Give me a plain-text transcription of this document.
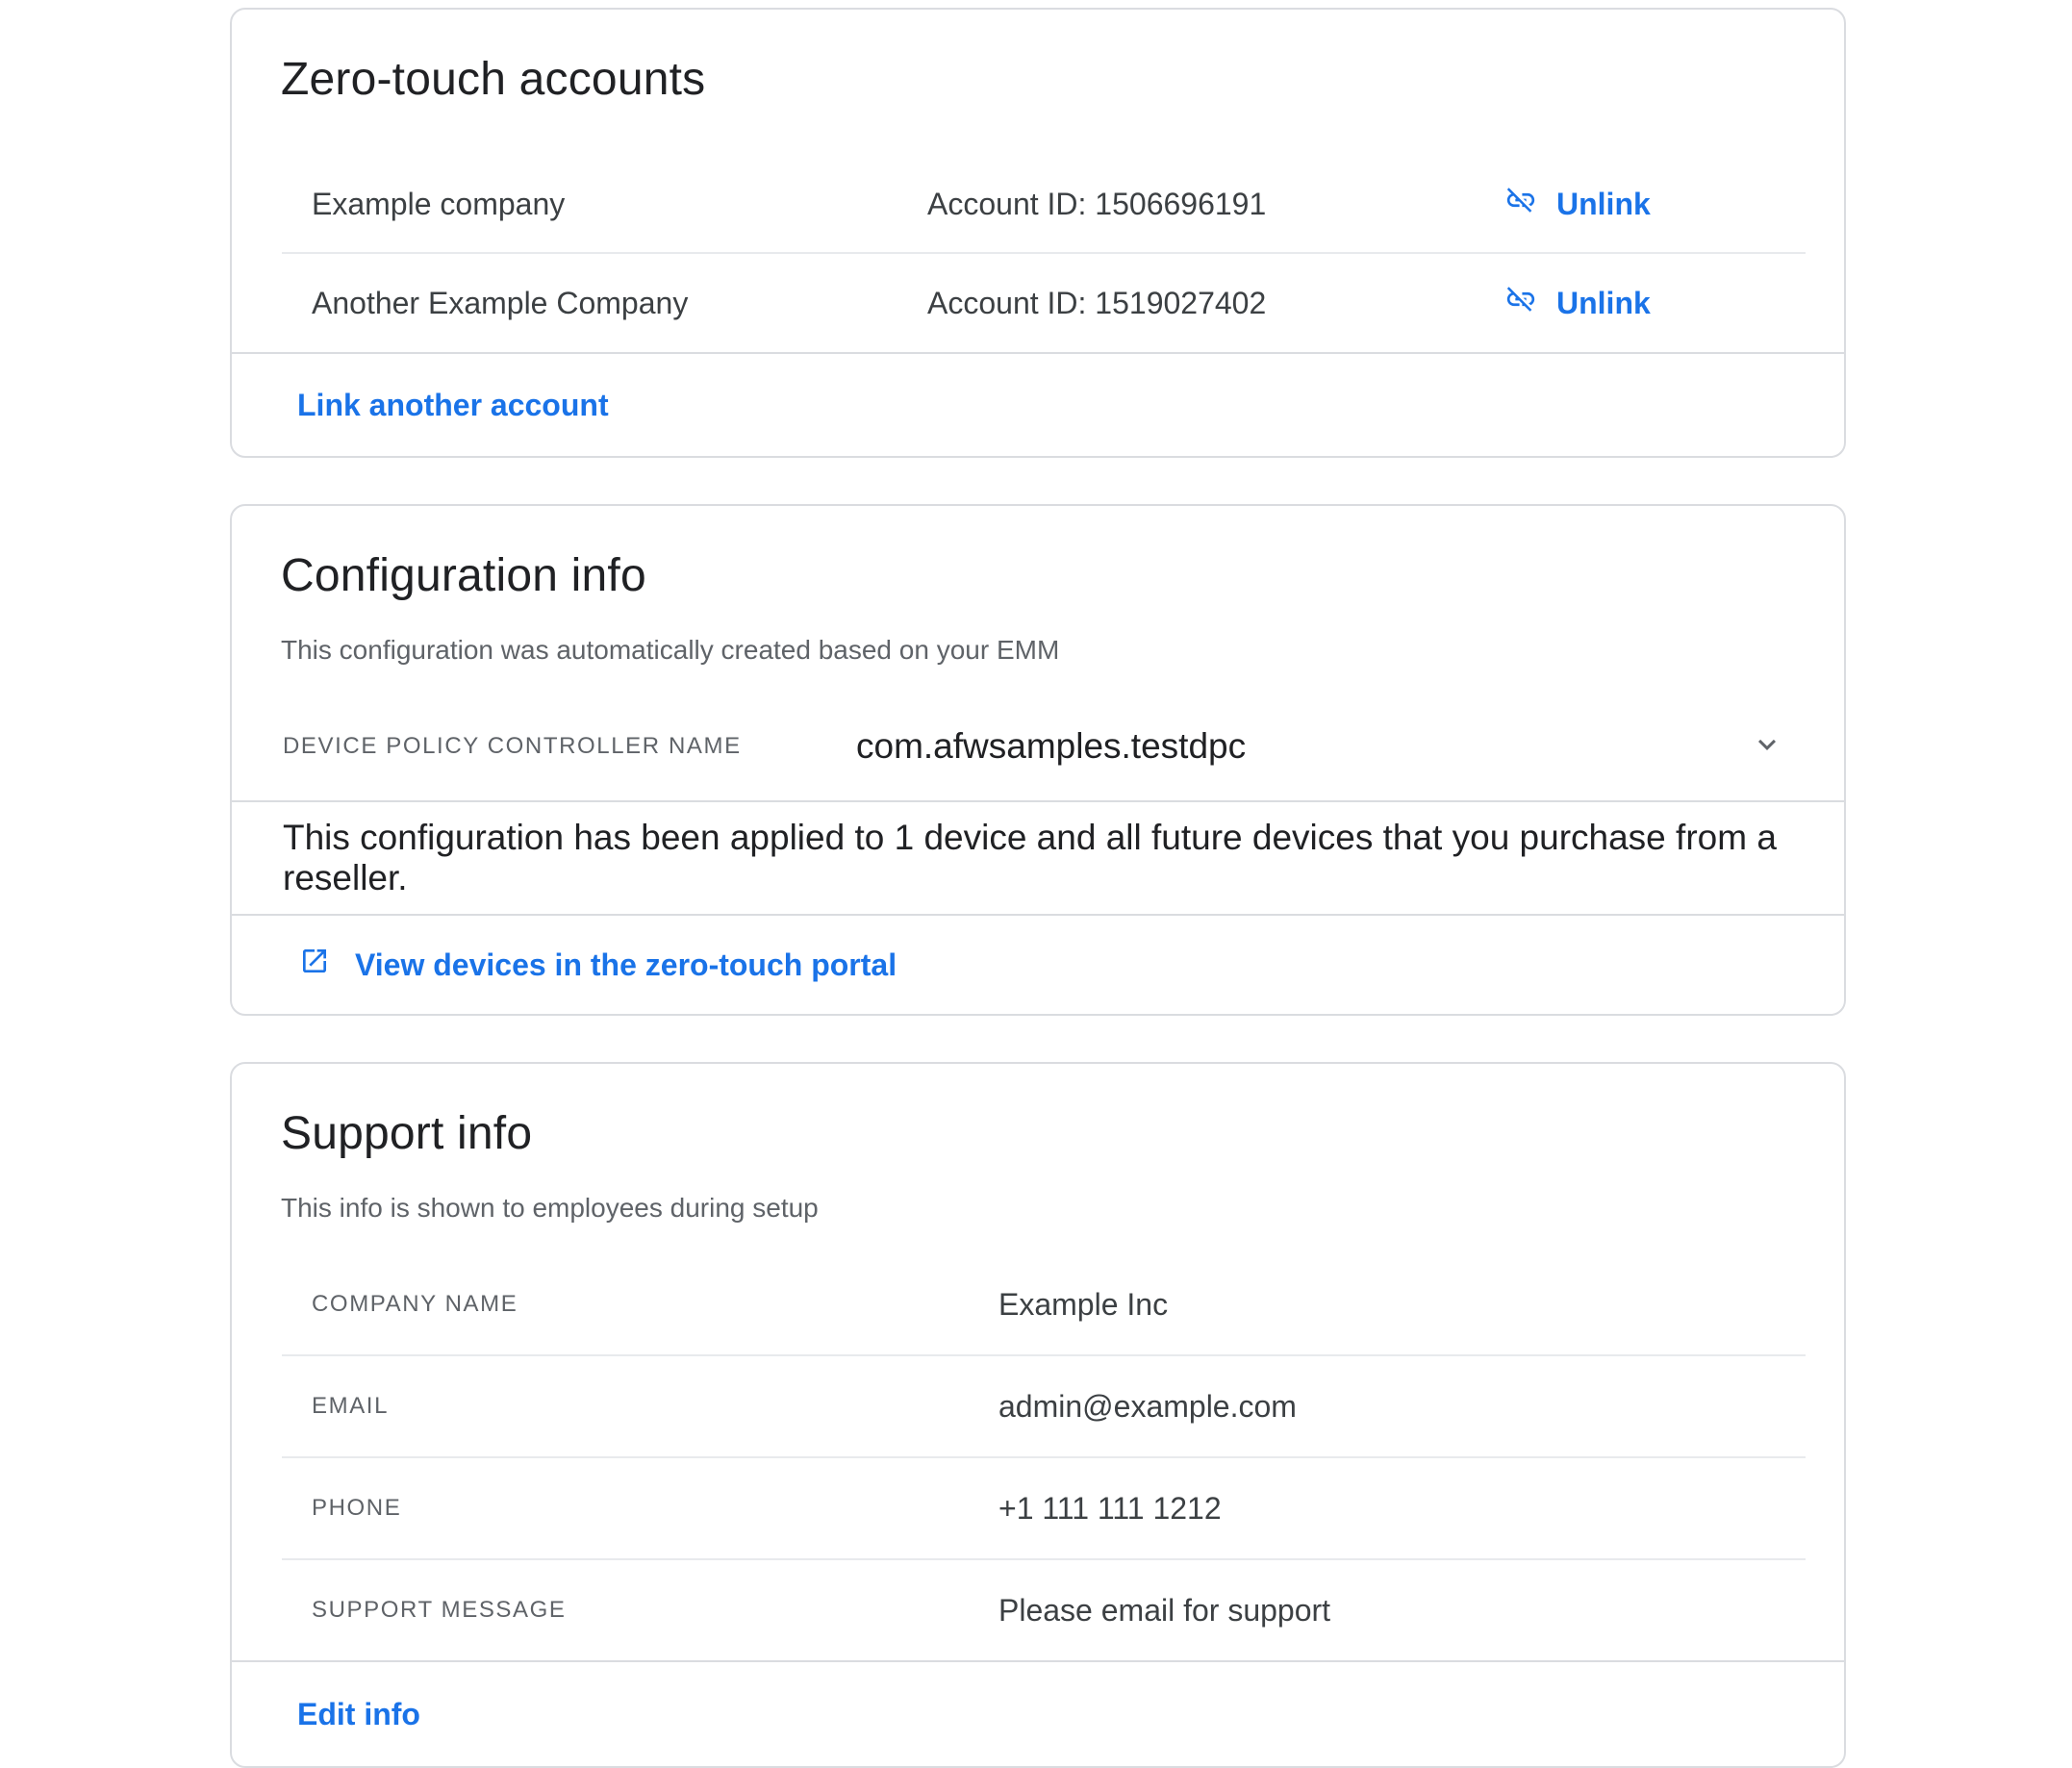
Zero-touch accounts
Example company	Account ID: 1506696191	Unlink
Another Example Company	Account ID: 1519027402	Unlink
Link another account
Configuration info

This configuration was automatically created based on your EMM

DEVICE POLICY CONTROLLER NAME	com.afwsamples.testdpc
This configuration has been applied to 1 device and all future devices that you purchase from a reseller.
View devices in the zero-touch portal
Support info

This info is shown to employees during setup

COMPANY NAME	Example Inc
EMAIL	admin@example.com
PHONE	+1 111 111 1212
SUPPORT MESSAGE	Please email for support
Edit info
